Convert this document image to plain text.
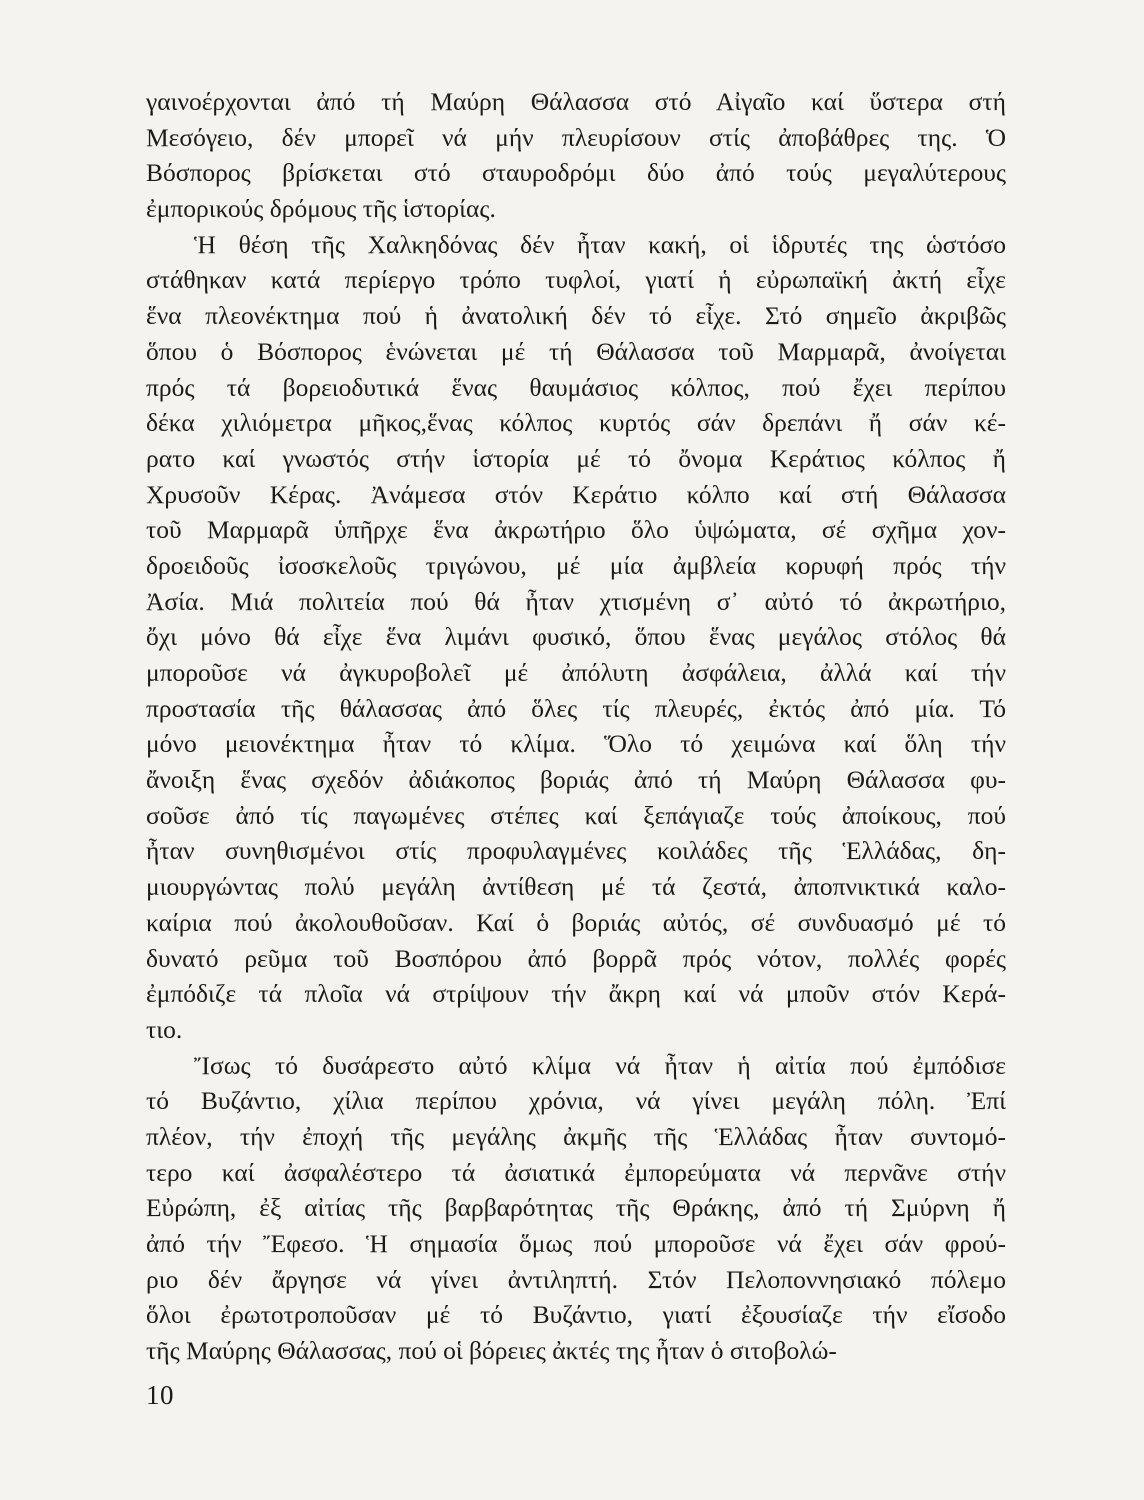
γαινοέρχονται ἀπό τή Μαύρη Θάλασσα στό Αἰγαῖο καί ὕστερα στή
Μεσόγειο, δέν μπορεῖ νά μήν πλευρίσουν στίς ἀποβάθρες της. Ὁ
Βόσπορος βρίσκεται στό σταυροδρόμι δύο ἀπό τούς μεγαλύτερους
ἐμπορικούς δρόμους τῆς ἱστορίας.
Ἡ θέση τῆς Χαλκηδόνας δέν ἦταν κακή, οἱ ἱδρυτές της ὡστόσο
στάθηκαν κατά περίεργο τρόπο τυφλοί, γιατί ἡ εὐρωπαϊκή ἀκτή εἶχε
ἕνα πλεονέκτημα πού ἡ ἀνατολική δέν τό εἶχε. Στό σημεῖο ἀκριβῶς
ὅπου ὁ Βόσπορος ἑνώνεται μέ τή Θάλασσα τοῦ Μαρμαρᾶ, ἀνοίγεται
πρός τά βορειοδυτικά ἕνας θαυμάσιος κόλπος, πού ἔχει περίπου
δέκα χιλιόμετρα μῆκος,ἕνας κόλπος κυρτός σάν δρεπάνι ἤ σάν κέ-
ρατο καί γνωστός στήν ἱστορία μέ τό ὄνομα Κεράτιος κόλπος ἤ
Χρυσοῦν Κέρας. Ἀνάμεσα στόν Κεράτιο κόλπο καί στή Θάλασσα
τοῦ Μαρμαρᾶ ὑπῆρχε ἕνα ἀκρωτήριο ὅλο ὑψώματα, σέ σχῆμα χον-
δροειδοῦς ἰσοσκελοῦς τριγώνου, μέ μία ἀμβλεία κορυφή πρός τήν
Ἀσία. Μιά πολιτεία πού θά ἦταν χτισμένη σ᾿ αὐτό τό ἀκρωτήριο,
ὄχι μόνο θά εἶχε ἕνα λιμάνι φυσικό, ὅπου ἕνας μεγάλος στόλος θά
μποροῦσε νά ἀγκυροβολεῖ μέ ἀπόλυτη ἀσφάλεια, ἀλλά καί τήν
προστασία τῆς θάλασσας ἀπό ὅλες τίς πλευρές, ἐκτός ἀπό μία. Τό
μόνο μειονέκτημα ἦταν τό κλίμα. Ὅλο τό χειμώνα καί ὅλη τήν
ἄνοιξη ἕνας σχεδόν ἀδιάκοπος βοριάς ἀπό τή Μαύρη Θάλασσα φυ-
σοῦσε ἀπό τίς παγωμένες στέπες καί ξεπάγιαζε τούς ἀποίκους, πού
ἦταν συνηθισμένοι στίς προφυλαγμένες κοιλάδες τῆς Ἑλλάδας, δη-
μιουργώντας πολύ μεγάλη ἀντίθεση μέ τά ζεστά, ἀποπνικτικά καλο-
καίρια πού ἀκολουθοῦσαν. Καί ὁ βοριάς αὐτός, σέ συνδυασμό μέ τό
δυνατό ρεῦμα τοῦ Βοσπόρου ἀπό βορρᾶ πρός νότον, πολλές φορές
ἐμπόδιζε τά πλοῖα νά στρίψουν τήν ἄκρη καί νά μποῦν στόν Κερά-
τιο.
Ἴσως τό δυσάρεστο αὐτό κλίμα νά ἦταν ἡ αἰτία πού ἐμπόδισε
τό Βυζάντιο, χίλια περίπου χρόνια, νά γίνει μεγάλη πόλη. Ἐπί
πλέον, τήν ἐποχή τῆς μεγάλης ἀκμῆς τῆς Ἑλλάδας ἦταν συντομό-
τερο καί ἀσφαλέστερο τά ἀσιατικά ἐμπορεύματα νά περνᾶνε στήν
Εὐρώπη, ἐξ αἰτίας τῆς βαρβαρότητας τῆς Θράκης, ἀπό τή Σμύρνη ἤ
ἀπό τήν Ἔφεσο. Ἡ σημασία ὅμως πού μποροῦσε νά ἔχει σάν φρού-
ριο δέν ἄργησε νά γίνει ἀντιληπτή. Στόν Πελοποννησιακό πόλεμο
ὅλοι ἐρωτοτροποῦσαν μέ τό Βυζάντιο, γιατί ἐξουσίαζε τήν εἴσοδο
τῆς Μαύρης Θάλασσας, πού οἱ βόρειες ἀκτές της ἦταν ὁ σιτοβολώ-
10
